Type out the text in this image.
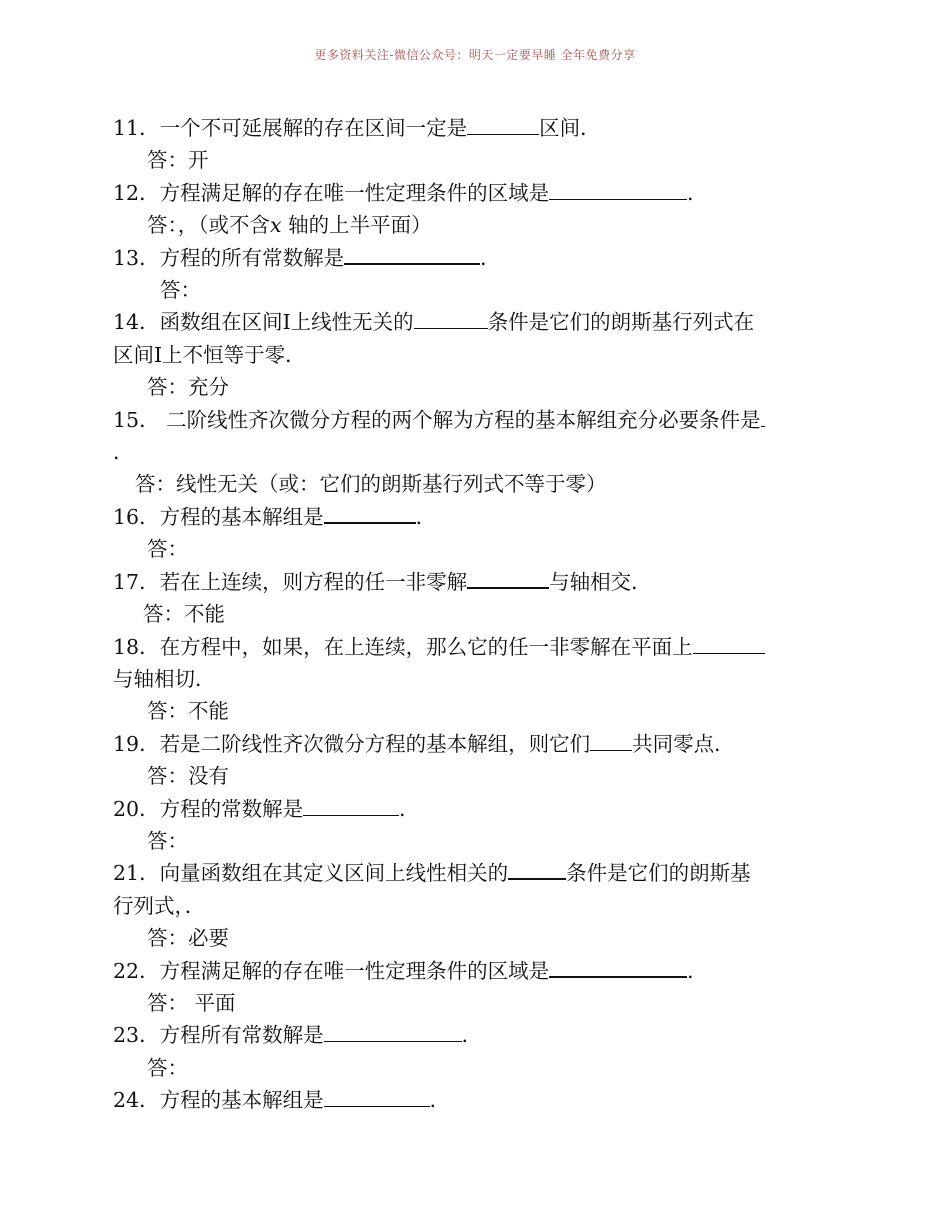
更多资料关注-微信公众号：明天一定要早睡 全年免费分享
11．一个不可延展解的存在区间一定是	区间．
答：开
12．方程满足解的存在唯一性定理条件的区域是	．
答：，（或不含x 轴的上半平面）
13．方程的所有常数解是	．
答：
14．函数组在区间I上线性无关的	条件是它们的朗斯基行列式在
区间I上不恒等于零．
答：充分
15． 二阶线性齐次微分方程的两个解为方程的基本解组充分必要条件是
．
答：线性无关（或：它们的朗斯基行列式不等于零）
16．方程的基本解组是	．
答：
17．若在上连续，则方程的任一非零解	与轴相交．
答：不能
18．在方程中，如果，在上连续，那么它的任一非零解在平面上
与轴相切．
答：不能
19．若是二阶线性齐次微分方程的基本解组，则它们 共同零点．
答：没有
20．方程的常数解是	．
答：
21．向量函数组在其定义区间上线性相关的	条件是它们的朗斯基
行列式，．
答：必要
22．方程满足解的存在唯一性定理条件的区域是	．
答： 平面
23．方程所有常数解是	．
答：
24．方程的基本解组是	．
